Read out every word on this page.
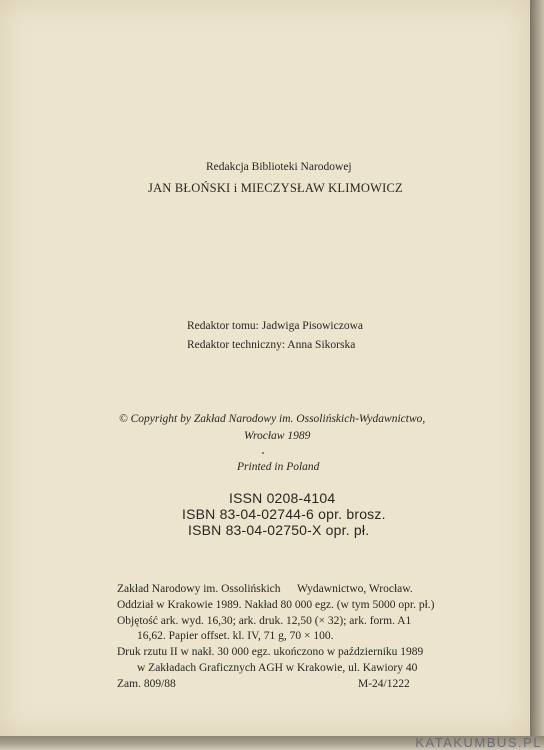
Redakcja Biblioteki Narodowej
JAN BŁOŃSKI i MIECZYSŁAW KLIMOWICZ
Redaktor tomu: Jadwiga Pisowiczowa
Redaktor techniczny: Anna Sikorska
© Copyright by Zakład Narodowy im. Ossolińskich-Wydawnictwo,
Wrocław 1989
Printed in Poland
ISSN 0208-4104
ISBN 83-04-02744-6 opr. brosz.
ISBN 83-04-02750-X opr. pł.
Zakład Narodowy im. Ossolińskich Wydawnictwo, Wrocław.
Oddział w Krakowie 1989. Nakład 80 000 egz. (w tym 5000 opr. pł.)
Objętość ark. wyd. 16,30; ark. druk. 12,50 (× 32); ark. form. A1
16,62. Papier offset. kl. IV, 71 g, 70 × 100.
Druk rzutu II w nakł. 30 000 egz. ukończono w październiku 1989
w Zakładach Graficznych AGH w Krakowie, ul. Kawiory 40
Zam. 809/88	M-24/1222
KATAKUMBUS.PL
